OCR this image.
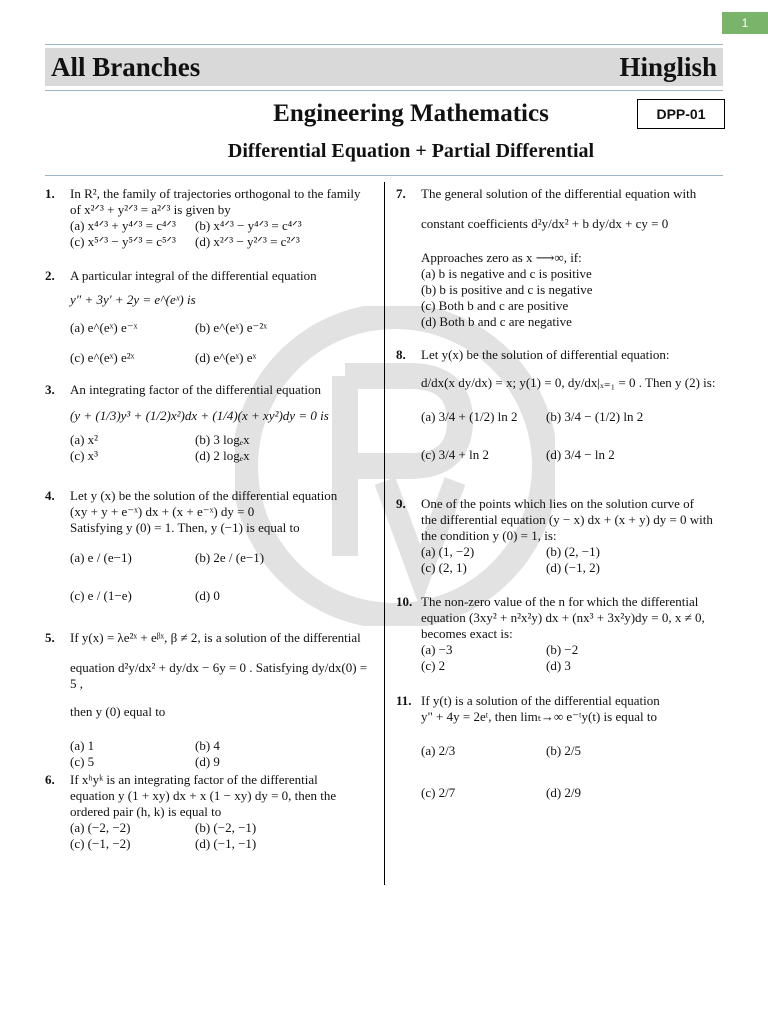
1
All Branches	Hinglish
Engineering Mathematics	DPP-01
Differential Equation + Partial Differential
1. In R², the family of trajectories orthogonal to the family
of x²ᐟ³ + y²ᐟ³ = a²ᐟ³ is given by
(a) x⁴ᐟ³ + y⁴ᐟ³ = c⁴ᐟ³ (b) x⁴ᐟ³ − y⁴ᐟ³ = c⁴ᐟ³
(c) x⁵ᐟ³ − y⁵ᐟ³ = c⁵ᐟ³ (d) x²ᐟ³ − y²ᐟ³ = c²ᐟ³
2. A particular integral of the differential equation
y" + 3y' + 2y = e^(eˣ) is
(a) e^(eˣ) e⁻ˣ	(b) e^(eˣ) e⁻²ˣ
(c) e^(eˣ) e²ˣ	(d) e^(eˣ) eˣ
3. An integrating factor of the differential equation
(y + (1/3)y³ + (1/2)x²)dx + (1/4)(x + xy²)dy = 0 is
(a) x²	(b) 3 logₑx
(c) x³	(d) 2 logₑx
4. Let y (x) be the solution of the differential equation
(xy + y + e⁻ˣ) dx + (x + e⁻ˣ) dy = 0
Satisfying y (0) = 1. Then, y (−1) is equal to
(a) e / (e−1)	(b) 2e / (e−1)
(c) e / (1−e)	(d) 0
5. If y(x) = λe²ˣ + eᵝˣ, β ≠ 2, is a solution of the differential
equation d²y/dx² + dy/dx − 6y = 0 . Satisfying dy/dx(0) = 5 ,
then y (0) equal to
(a) 1	(b) 4
(c) 5	(d) 9
6. If xʰyᵏ is an integrating factor of the differential
equation y (1 + xy) dx + x (1 − xy) dy = 0, then the
ordered pair (h, k) is equal to
(a) (−2, −2)	(b) (−2, −1)
(c) (−1, −2)	(d) (−1, −1)
7. The general solution of the differential equation with
constant coefficients d²y/dx² + b dy/dx + cy = 0
Approaches zero as x ⟶∞, if:
(a) b is negative and c is positive
(b) b is positive and c is negative
(c) Both b and c are positive
(d) Both b and c are negative
8. Let y(x) be the solution of differential equation:
d/dx(x dy/dx) = x; y(1) = 0, dy/dx|ₓ₌₁ = 0 . Then y (2) is:
(a) 3/4 + (1/2) ln 2 (b) 3/4 − (1/2) ln 2
(c) 3/4 + ln 2	(d) 3/4 − ln 2
9. One of the points which lies on the solution curve of
the differential equation (y − x) dx + (x + y) dy = 0 with
the condition y (0) = 1, is:
(a) (1, −2)	(b) (2, −1)
(c) (2, 1)	(d) (−1, 2)
10. The non-zero value of the n for which the differential
equation (3xy² + n²x²y) dx + (nx³ + 3x²y)dy = 0, x ≠ 0,
becomes exact is:
(a) −3	(b) −2
(c) 2	(d) 3
11. If y(t) is a solution of the differential equation
y" + 4y = 2eᵗ, then limₜ→∞ e⁻ᵗy(t) is equal to
(a) 2/3	(b) 2/5
(c) 2/7	(d) 2/9
